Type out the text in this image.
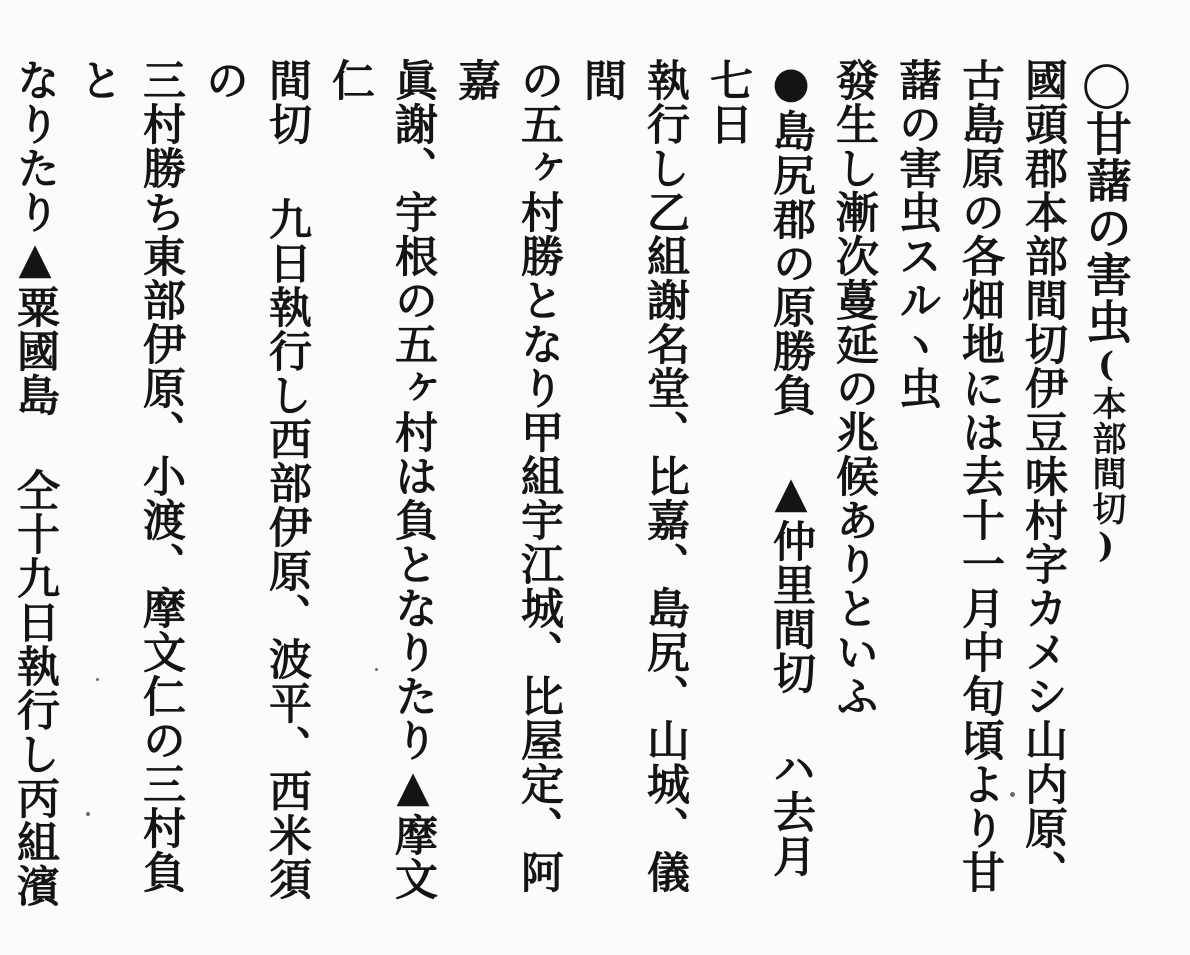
◯甘藷の害虫(本部間切)
國頭郡本部間切伊豆味村字カメシ山内原、古島原の各畑地には去十一月中旬頃より甘藷の害虫スルヽ虫
發生し漸次蔓延の兆候ありといふ
●島尻郡の原勝負 ▲仲里間切 ハ去月七日
執行し乙組謝名堂、比嘉、島尻、山城、儀間
の五ヶ村勝となり甲組宇江城、比屋定、阿嘉
眞謝、宇根の五ヶ村は負となりたり▲摩文仁
間切 九日執行し西部伊原、波平、西米須の
三村勝ち東部伊原、小渡、摩文仁の三村負と
なりたり▲粟國島 仝十九日執行し丙組濱
